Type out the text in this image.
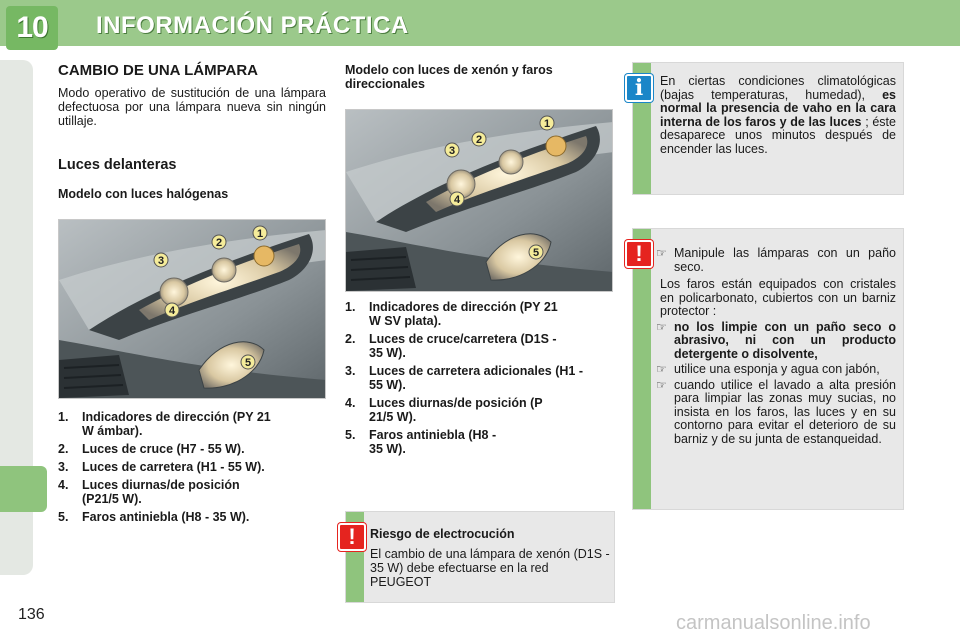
10 INFORMACIÓN PRÁCTICA
136
CAMBIO DE UNA LÁMPARA
Modo operativo de sustitución de una lámpara defectuosa por una lámpara nueva sin ningún utillaje.
Luces delanteras
Modelo con luces halógenas
1
2
3
4
5
1.	Indicadores de dirección (PY 21 W ámbar).
2.	Luces de cruce (H7 - 55 W).
3.	Luces de carretera (H1 - 55 W).
4.	Luces diurnas/de posición (P21/5 W).
5.	Faros antiniebla (H8 - 35 W).
Modelo con luces de xenón y faros direccionales
1
2
3
4
5
1.	Indicadores de dirección (PY 21 W SV plata).
2.	Luces de cruce/carretera (D1S - 35 W).
3.	Luces de carretera adicionales (H1 - 55 W).
4.	Luces diurnas/de posición (P 21/5 W).
5.	Faros antiniebla (H8 - 35 W).
!	Riesgo de electrocución
El cambio de una lámpara de xenón (D1S - 35 W) debe efectuarse en la red PEUGEOT
i	En ciertas condiciones climatológicas (bajas temperaturas, humedad), es normal la presencia de vaho en la cara interna de los faros y de las luces ; éste desaparece unos minutos después de encender las luces.
!	☞ Manipule las lámparas con un paño seco.
Los faros están equipados con cristales en policarbonato, cubiertos con un barniz protector :
☞ no los limpie con un paño seco o abrasivo, ni con un producto detergente o disolvente,
☞ utilice una esponja y agua con jabón,
☞ cuando utilice el lavado a alta presión para limpiar las zonas muy sucias, no insista en los faros, las luces y en su contorno para evitar el deterioro de su barniz y de su junta de estanqueidad.
carmanualsonline.info
